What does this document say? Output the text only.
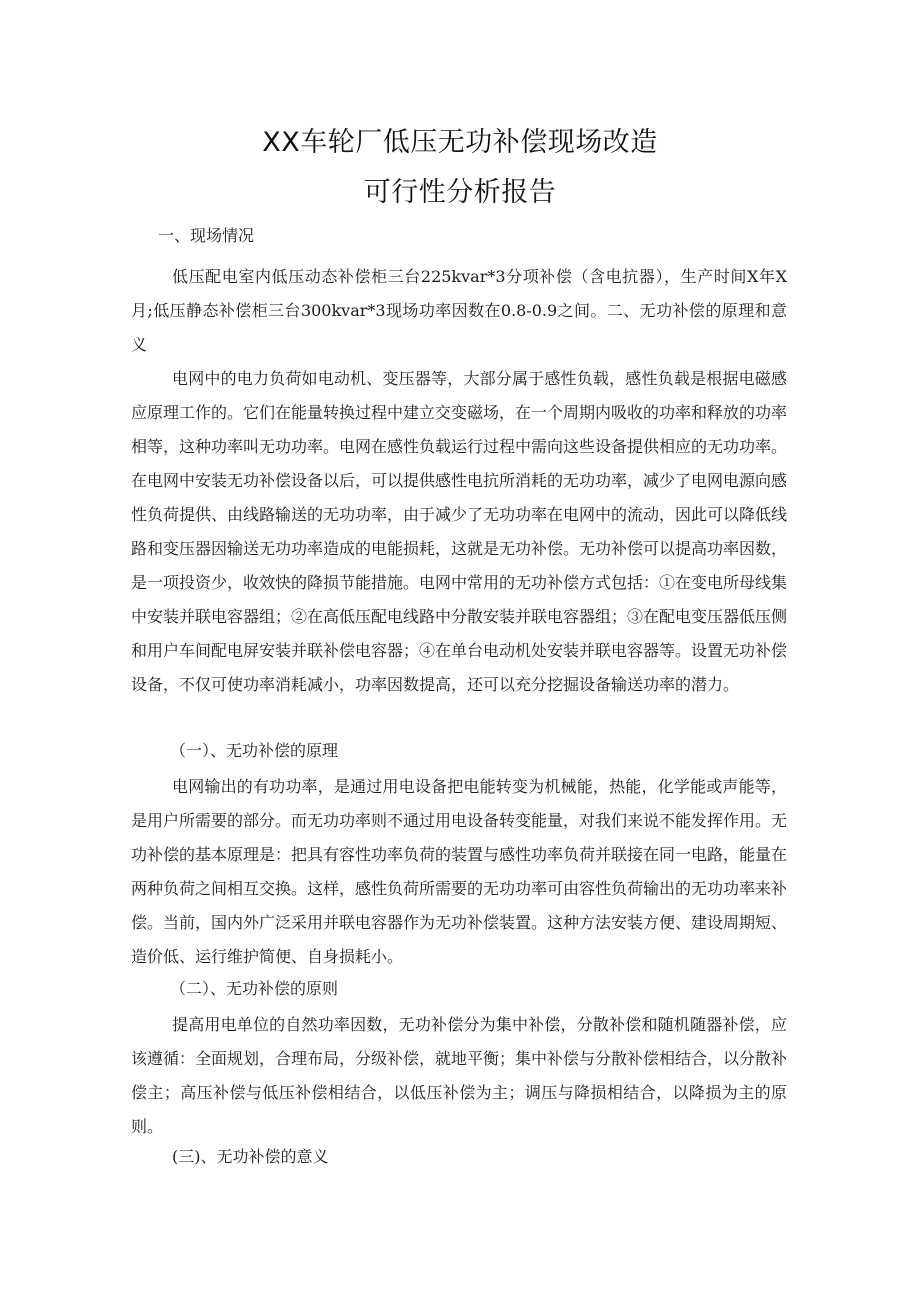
XX车轮厂低压无功补偿现场改造
可行性分析报告
一、现场情况
低压配电室内低压动态补偿柜三台225kvar*3分项补偿（含电抗器），生产时间X年X月;低压静态补偿柜三台300kvar*3现场功率因数在0.8-0.9之间。二、无功补偿的原理和意义
电网中的电力负荷如电动机、变压器等，大部分属于感性负载，感性负载是根据电磁感应原理工作的。它们在能量转换过程中建立交变磁场，在一个周期内吸收的功率和释放的功率相等，这种功率叫无功功率。电网在感性负载运行过程中需向这些设备提供相应的无功功率。在电网中安装无功补偿设备以后，可以提供感性电抗所消耗的无功功率，减少了电网电源向感性负荷提供、由线路输送的无功功率，由于减少了无功功率在电网中的流动，因此可以降低线路和变压器因输送无功功率造成的电能损耗，这就是无功补偿。无功补偿可以提高功率因数，是一项投资少，收效快的降损节能措施。电网中常用的无功补偿方式包括：①在变电所母线集中安装并联电容器组；②在高低压配电线路中分散安装并联电容器组；③在配电变压器低压侧和用户车间配电屏安装并联补偿电容器；④在单台电动机处安装并联电容器等。设置无功补偿设备，不仅可使功率消耗减小，功率因数提高，还可以充分挖掘设备输送功率的潜力。
（一）、无功补偿的原理
电网输出的有功功率，是通过用电设备把电能转变为机械能，热能，化学能或声能等，是用户所需要的部分。而无功功率则不通过用电设备转变能量，对我们来说不能发挥作用。无功补偿的基本原理是：把具有容性功率负荷的装置与感性功率负荷并联接在同一电路，能量在两种负荷之间相互交换。这样，感性负荷所需要的无功功率可由容性负荷输出的无功功率来补偿。当前，国内外广泛采用并联电容器作为无功补偿装置。这种方法安装方便、建设周期短、造价低、运行维护简便、自身损耗小。
（二）、无功补偿的原则
提高用电单位的自然功率因数，无功补偿分为集中补偿，分散补偿和随机随器补偿，应该遵循：全面规划，合理布局，分级补偿，就地平衡；集中补偿与分散补偿相结合，以分散补偿主；高压补偿与低压补偿相结合，以低压补偿为主；调压与降损相结合，以降损为主的原则。
(三)、无功补偿的意义
